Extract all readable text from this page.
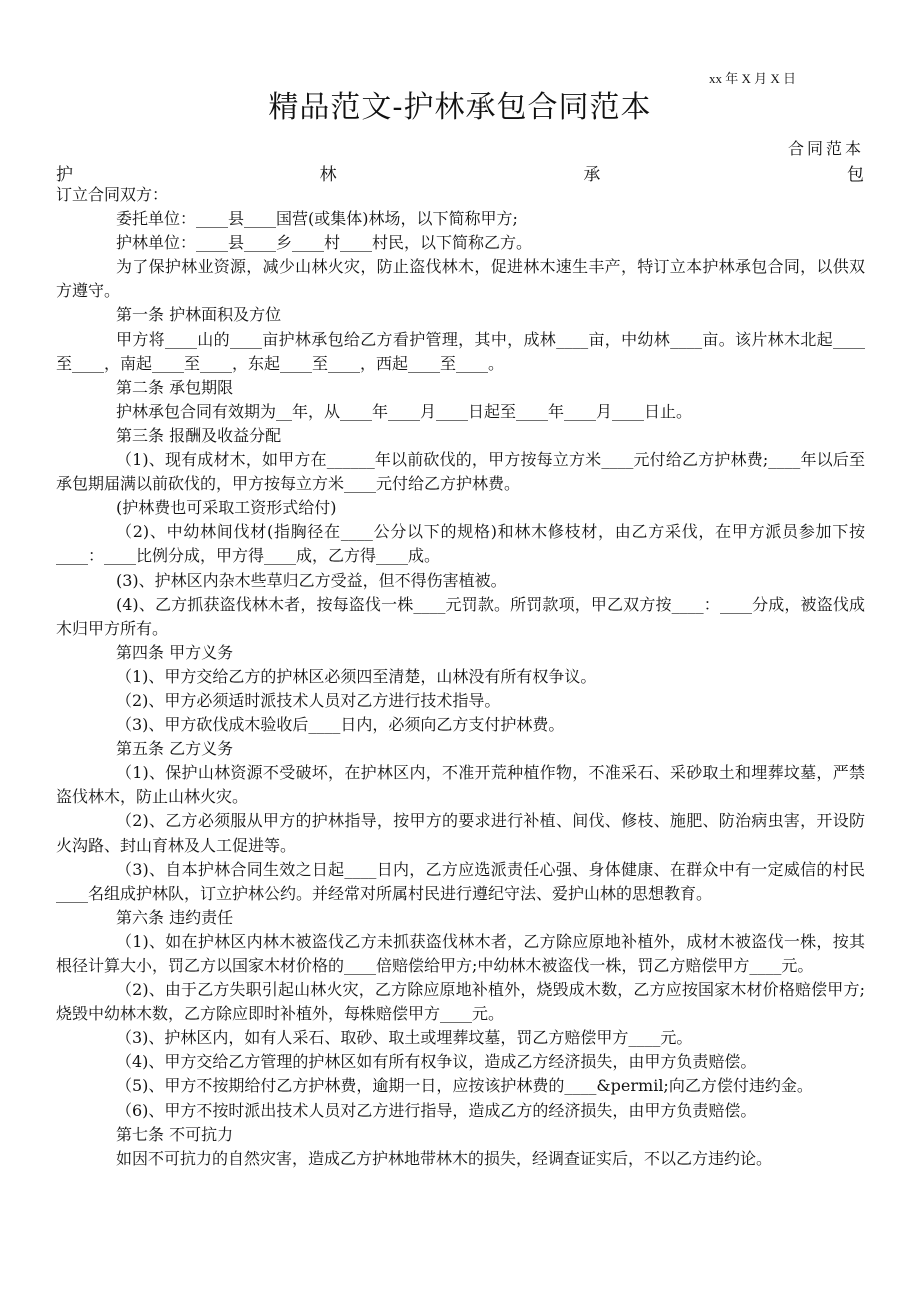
xx 年 X 月 X 日
精品范文-护林承包合同范本
合同范本
护	林	承	包

订立合同双方：

委托单位：____县____国营(或集体)林场，以下简称甲方;

护林单位：____县____乡____村____村民，以下简称乙方。

为了保护林业资源，减少山林火灾，防止盗伐林木，促进林木速生丰产，特订立本护林承包合同，以供双方遵守。

第一条 护林面积及方位

甲方将____山的____亩护林承包给乙方看护管理，其中，成林____亩，中幼林____亩。该片林木北起____至____，南起____至____，东起____至____，西起____至____。

第二条 承包期限

护林承包合同有效期为__年，从____年____月____日起至____年____月____日止。

第三条 报酬及收益分配

（1)、现有成材木，如甲方在______年以前砍伐的，甲方按每立方米____元付给乙方护林费;____年以后至承包期届满以前砍伐的，甲方按每立方米____元付给乙方护林费。

(护林费也可采取工资形式给付)

（2)、中幼林间伐材(指胸径在____公分以下的规格)和林木修枝材，由乙方采伐，在甲方派员参加下按____：____比例分成，甲方得____成，乙方得____成。

(3)、护林区内杂木些草归乙方受益，但不得伤害植被。

(4)、乙方抓获盗伐林木者，按每盗伐一株____元罚款。所罚款项，甲乙双方按____：____分成，被盗伐成木归甲方所有。

第四条 甲方义务

（1)、甲方交给乙方的护林区必须四至清楚，山林没有所有权争议。

（2)、甲方必须适时派技术人员对乙方进行技术指导。

（3)、甲方砍伐成木验收后____日内，必须向乙方支付护林费。

第五条 乙方义务

（1)、保护山林资源不受破坏，在护林区内，不准开荒种植作物，不准采石、采砂取土和埋葬坟墓，严禁盗伐林木，防止山林火灾。

（2)、乙方必须服从甲方的护林指导，按甲方的要求进行补植、间伐、修枝、施肥、防治病虫害，开设防火沟路、封山育林及人工促进等。

（3)、自本护林合同生效之日起____日内，乙方应选派责任心强、身体健康、在群众中有一定威信的村民____名组成护林队，订立护林公约。并经常对所属村民进行遵纪守法、爱护山林的思想教育。

第六条 违约责任

（1)、如在护林区内林木被盗伐乙方未抓获盗伐林木者，乙方除应原地补植外，成材木被盗伐一株，按其根径计算大小，罚乙方以国家木材价格的____倍赔偿给甲方;中幼林木被盗伐一株，罚乙方赔偿甲方____元。

（2)、由于乙方失职引起山林火灾，乙方除应原地补植外，烧毁成木数，乙方应按国家木材价格赔偿甲方;烧毁中幼林木数，乙方除应即时补植外，每株赔偿甲方____元。

（3)、护林区内，如有人采石、取砂、取土或埋葬坟墓，罚乙方赔偿甲方____元。

（4)、甲方交给乙方管理的护林区如有所有权争议，造成乙方经济损失，由甲方负责赔偿。

（5)、甲方不按期给付乙方护林费，逾期一日，应按该护林费的____&permil;向乙方偿付违约金。

（6)、甲方不按时派出技术人员对乙方进行指导，造成乙方的经济损失，由甲方负责赔偿。

第七条 不可抗力

如因不可抗力的自然灾害，造成乙方护林地带林木的损失，经调查证实后，不以乙方违约论。
